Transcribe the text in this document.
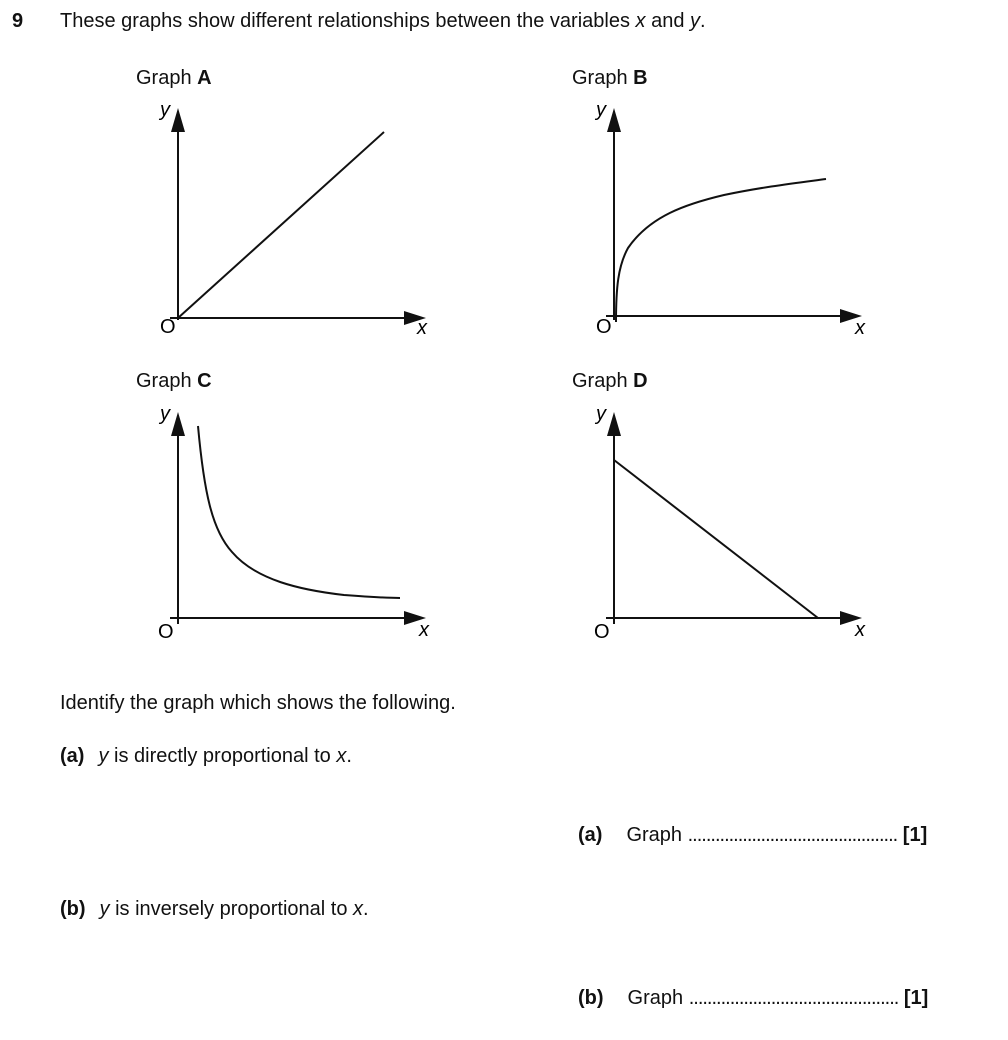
9 These graphs show different relationships between the variables x and y.
Graph A	Graph B
Graph C	Graph D
y
x
O
y
x
O
y
x
O
y
x
O
Identify the graph which shows the following.
(a) y is directly proportional to x.
(a) Graph .............................................. [1]
(b) y is inversely proportional to x.
(b) Graph .............................................. [1]
